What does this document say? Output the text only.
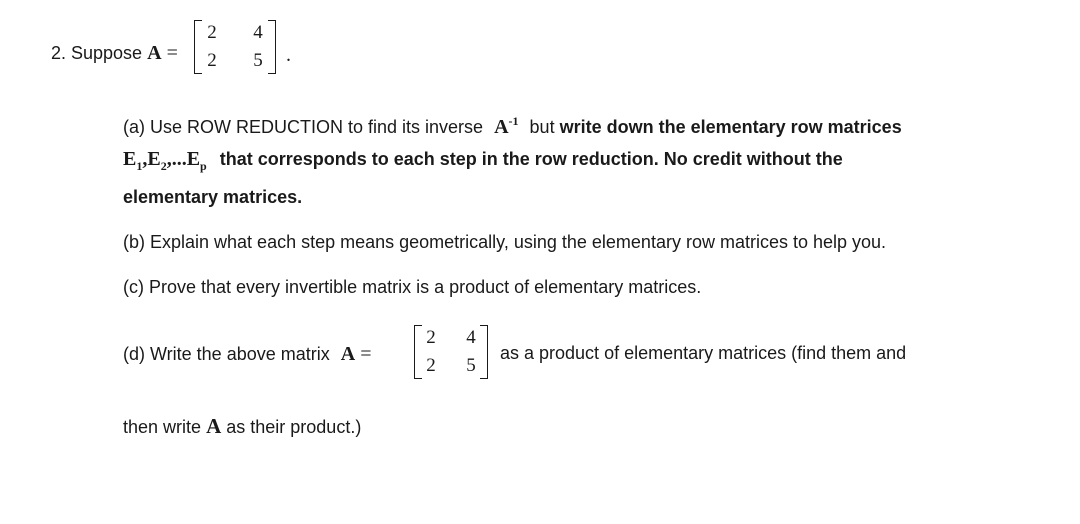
2. Suppose A =
2 4
2 5 .
(a) Use ROW REDUCTION to find its inverse $A^{-1}$ but write down the elementary row matrices
$E_1,E_2,...E_p$ that corresponds to each step in the row reduction. No credit without the
elementary matrices.
(b) Explain what each step means geometrically, using the elementary row matrices to help you.
(c) Prove that every invertible matrix is a product of elementary matrices.
(d) Write the above matrix A =
2 4
2 5
as a product of elementary matrices (find them and
then write A as their product.)
